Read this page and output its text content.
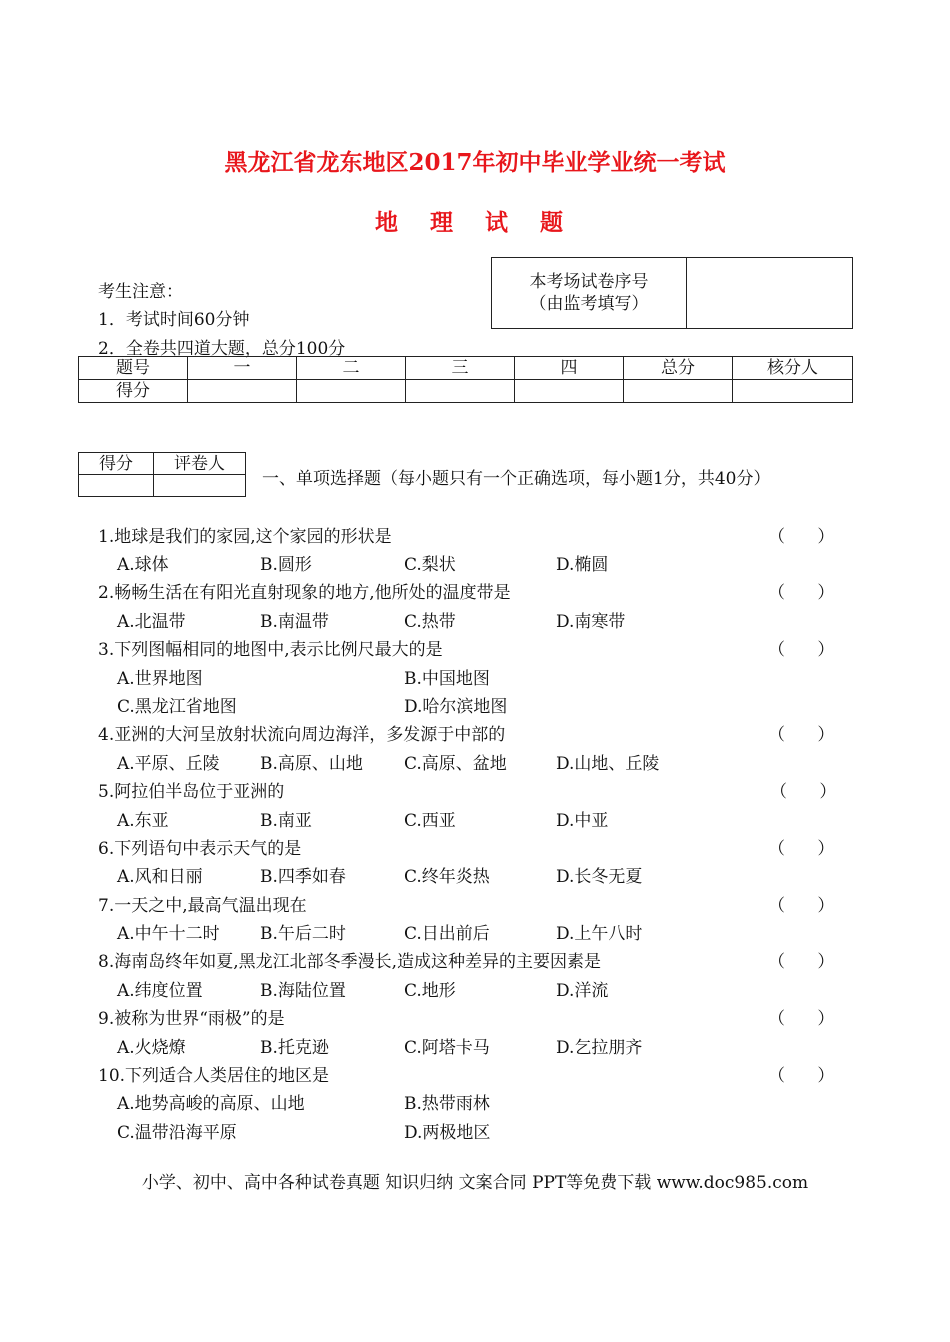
黑龙江省龙东地区2017年初中毕业学业统一考试
地 理 试 题
考生注意：
1．考试时间60分钟
2．全卷共四道大题，总分100分
本考场试卷序号
（由监考填写）

题号	一	二	三	四	总分	核分人
得分						
得分	评卷人

一、单项选择题（每小题只有一个正确选项，每小题1分，共40分）
1.地球是我们的家园,这个家园的形状是	（      ）
A.球体	B.圆形	C.梨状	D.椭圆
2.畅畅生活在有阳光直射现象的地方,他所处的温度带是	（      ）
A.北温带	B.南温带	C.热带	D.南寒带
3.下列图幅相同的地图中,表示比例尺最大的是	（      ）
A.世界地图	B.中国地图
C.黑龙江省地图	D.哈尔滨地图
4.亚洲的大河呈放射状流向周边海洋，多发源于中部的	（      ）
A.平原、丘陵 B.高原、山地 C.高原、盆地	D.山地、丘陵
5.阿拉伯半岛位于亚洲的	（      ）
A.东亚	B.南亚	C.西亚	D.中亚
6.下列语句中表示天气的是	（      ）
A.风和日丽	B.四季如春	C.终年炎热	D.长冬无夏
7.一天之中,最高气温出现在	（      ）
A.中午十二时 B.午后二时	C.日出前后	D.上午八时
8.海南岛终年如夏,黑龙江北部冬季漫长,造成这种差异的主要因素是	（      ）
A.纬度位置	B.海陆位置	C.地形	D.洋流
9.被称为世界“雨极”的是	（      ）
A.火烧燎	B.托克逊	C.阿塔卡马	D.乞拉朋齐
10.下列适合人类居住的地区是	（      ）
A.地势高峻的高原、山地	B.热带雨林
C.温带沿海平原	D.两极地区
小学、初中、高中各种试卷真题 知识归纳 文案合同 PPT等免费下载 www.doc985.com
